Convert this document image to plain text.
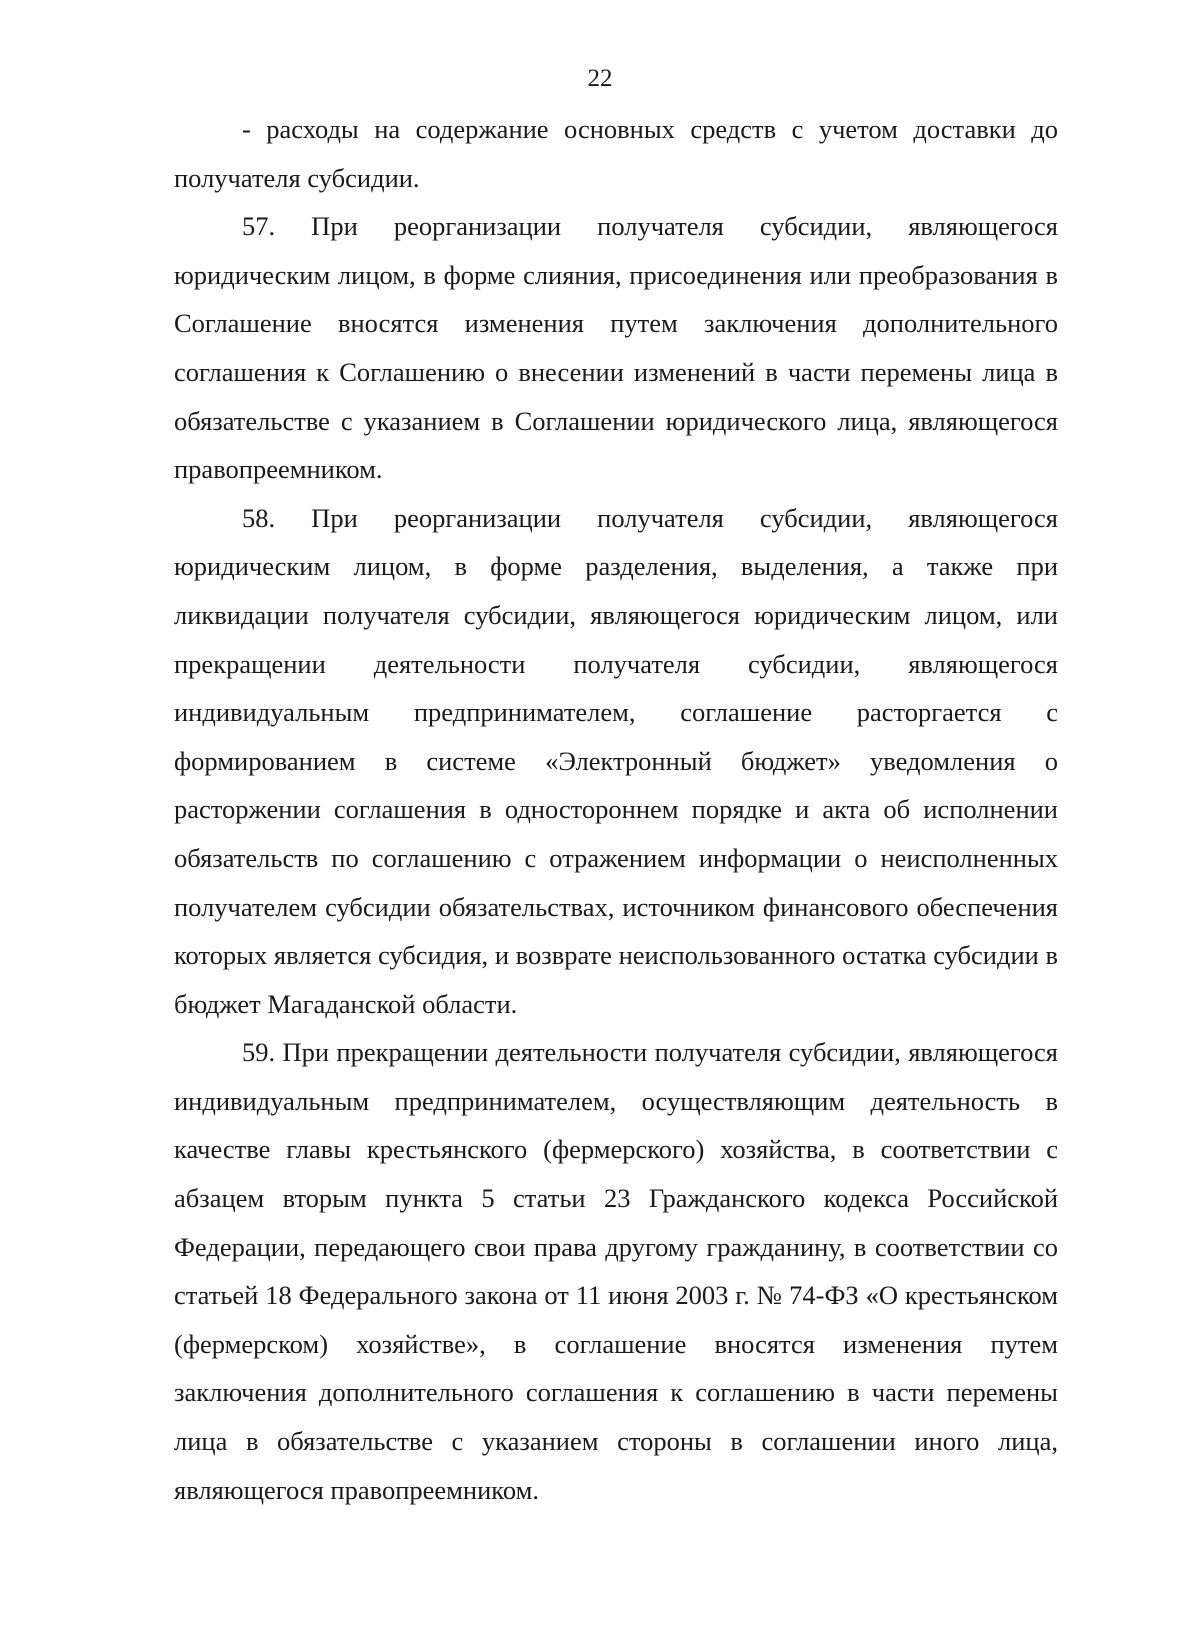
22

- расходы на содержание основных средств с учетом доставки до получателя субсидии.

57. При реорганизации получателя субсидии, являющегося юридическим лицом, в форме слияния, присоединения или преобразования в Соглашение вносятся изменения путем заключения дополнительного соглашения к Соглашению о внесении изменений в части перемены лица в обязательстве с указанием в Соглашении юридического лица, являющегося правопреемником.

58. При реорганизации получателя субсидии, являющегося юридическим лицом, в форме разделения, выделения, а также при ликвидации получателя субсидии, являющегося юридическим лицом, или прекращении деятельности получателя субсидии, являющегося индивидуальным предпринимателем, соглашение расторгается с формированием в системе «Электронный бюджет» уведомления о расторжении соглашения в одностороннем порядке и акта об исполнении обязательств по соглашению с отражением информации о неисполненных получателем субсидии обязательствах, источником финансового обеспечения которых является субсидия, и возврате неиспользованного остатка субсидии в бюджет Магаданской области.

59. При прекращении деятельности получателя субсидии, являющегося индивидуальным предпринимателем, осуществляющим деятельность в качестве главы крестьянского (фермерского) хозяйства, в соответствии с абзацем вторым пункта 5 статьи 23 Гражданского кодекса Российской Федерации, передающего свои права другому гражданину, в соответствии со статьей 18 Федерального закона от 11 июня 2003 г. № 74-ФЗ «О крестьянском (фермерском) хозяйстве», в соглашение вносятся изменения путем заключения дополнительного соглашения к соглашению в части перемены лица в обязательстве с указанием стороны в соглашении иного лица, являющегося правопреемником.
